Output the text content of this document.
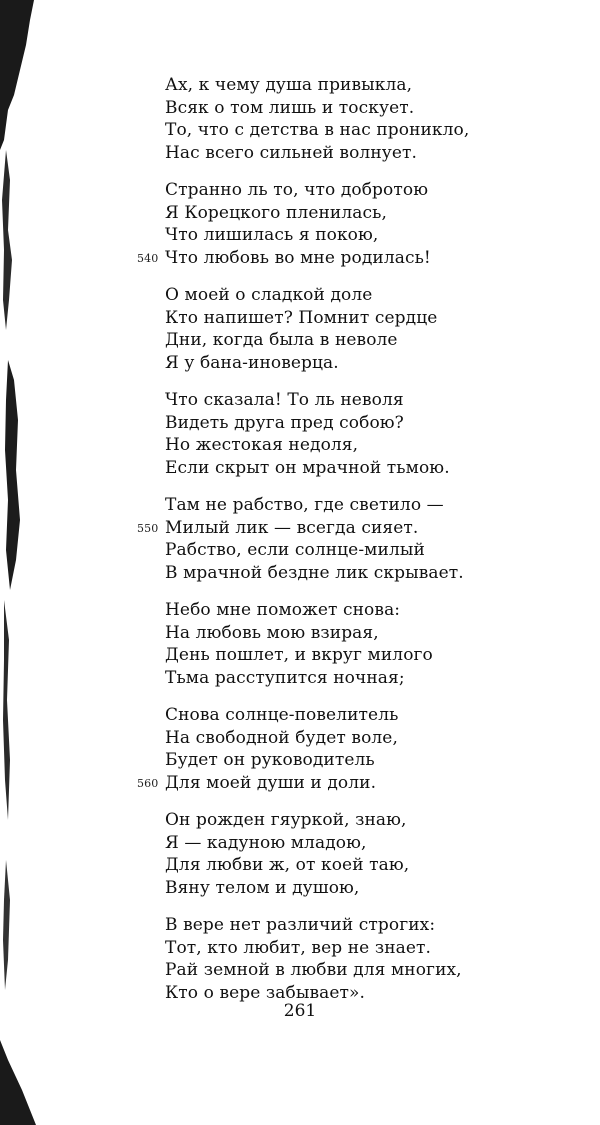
Ах, к чему душа привыкла,
Всяк о том лишь и тоскует.
То, что с детства в нас проникло,
Нас всего сильней волнует.
Странно ль то, что добротою
Я Корецкого пленилась,
Что лишилась я покою,
Что любовь во мне родилась!
540
О моей о сладкой доле
Кто напишет? Помнит сердце
Дни, когда была в неволе
Я у бана-иноверца.
Что сказала! То ль неволя
Видеть друга пред собою?
Но жестокая недоля,
Если скрыт он мрачной тьмою.
Там не рабство, где светило —
Милый лик — всегда сияет.
550
Рабство, если солнце-милый
В мрачной бездне лик скрывает.
Небо мне поможет снова:
На любовь мою взирая,
День пошлет, и вкруг милого
Тьма расступится ночная;
Снова солнце-повелитель
На свободной будет воле,
Будет он руководитель
Для моей души и доли.
560
Он рожден гяуркой, знаю,
Я — кадуною младою,
Для любви ж, от коей таю,
Вяну телом и душою,
В вере нет различий строгих:
Тот, кто любит, вер не знает.
Рай земной в любви для многих,
Кто о вере забывает».
261
